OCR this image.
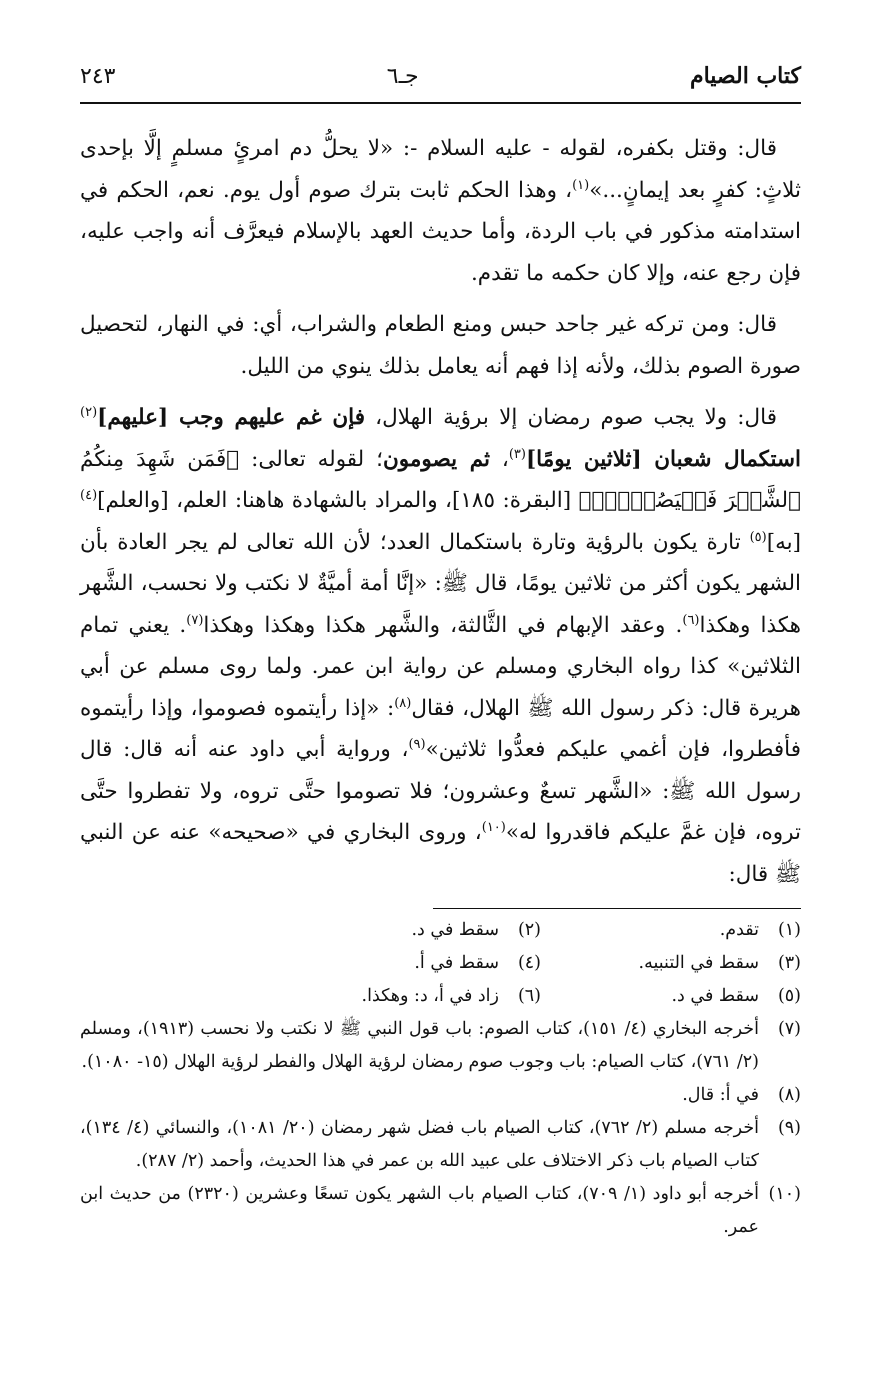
كتاب الصيام
جـ٦
٢٤٣

قال: وقتل بكفره، لقوله - عليه السلام -: «لا يحلُّ دم امرئٍ مسلمٍ إلَّا بإحدى ثلاثٍ: كفرٍ بعد إيمانٍ...»$^{(١)}$، وهذا الحكم ثابت بترك صوم أول يوم. نعم، الحكم في استدامته مذكور في باب الردة، وأما حديث العهد بالإسلام فيعرَّف أنه واجب عليه، فإن رجع عنه، وإلا كان حكمه ما تقدم.

قال: ومن تركه غير جاحد حبس ومنع الطعام والشراب، أي: في النهار، لتحصيل صورة الصوم بذلك، ولأنه إذا فهم أنه يعامل بذلك ينوي من الليل.

قال: ولا يجب صوم رمضان إلا برؤية الهلال، فإن غم عليهم وجب [عليهم]$^{(٢)}$ استكمال شعبان [ثلاثين يومًا]$^{(٣)}$، ثم يصومون؛ لقوله تعالى: ﴿فَمَن شَهِدَ مِنكُمُ ٱلشَّهۡرَ فَلۡيَصُمۡهُۖ﴾ [البقرة: ١٨٥]، والمراد بالشهادة هاهنا: العلم، [والعلم]$^{(٤)}$ [به]$^{(٥)}$ تارة يكون بالرؤية وتارة باستكمال العدد؛ لأن الله تعالى لم يجر العادة بأن الشهر يكون أكثر من ثلاثين يومًا، قال ﷺ: «إنَّا أمة أميَّةٌ لا نكتب ولا نحسب، الشَّهر هكذا وهكذا$^{(٦)}$. وعقد الإبهام في الثَّالثة، والشَّهر هكذا وهكذا وهكذا$^{(٧)}$. يعني تمام الثلاثين» كذا رواه البخاري ومسلم عن رواية ابن عمر. ولما روى مسلم عن أبي هريرة قال: ذكر رسول الله ﷺ الهلال، فقال$^{(٨)}$: «إذا رأيتموه فصوموا، وإذا رأيتموه فأفطروا، فإن أغمي عليكم فعدُّوا ثلاثين»$^{(٩)}$، ورواية أبي داود عنه أنه قال: قال رسول الله ﷺ: «الشَّهر تسعٌ وعشرون؛ فلا تصوموا حتَّى تروه، ولا تفطروا حتَّى تروه، فإن غمَّ عليكم فاقدروا له»$^{(١٠)}$، وروى البخاري في «صحيحه» عنه عن النبي ﷺ قال:

(١)
تقدم.
(٢)
سقط في د.
(٣)
سقط في التنبيه.
(٤)
سقط في أ.
(٥)
سقط في د.
(٦)
زاد في أ، د: وهكذا.
(٧)
أخرجه البخاري (٤/ ١٥١)، كتاب الصوم: باب قول النبي ﷺ لا نكتب ولا نحسب (١٩١٣)، ومسلم (٢/ ٧٦١)، كتاب الصيام: باب وجوب صوم رمضان لرؤية الهلال والفطر لرؤية الهلال (١٥- ١٠٨٠).
(٨)
في أ: قال.
(٩)
أخرجه مسلم (٢/ ٧٦٢)، كتاب الصيام باب فضل شهر رمضان (٢٠/ ١٠٨١)، والنسائي (٤/ ١٣٤)، كتاب الصيام باب ذكر الاختلاف على عبيد الله بن عمر في هذا الحديث، وأحمد (٢/ ٢٨٧).
(١٠)
أخرجه أبو داود (١/ ٧٠٩)، كتاب الصيام باب الشهر يكون تسعًا وعشرين (٢٣٢٠) من حديث ابن عمر.
